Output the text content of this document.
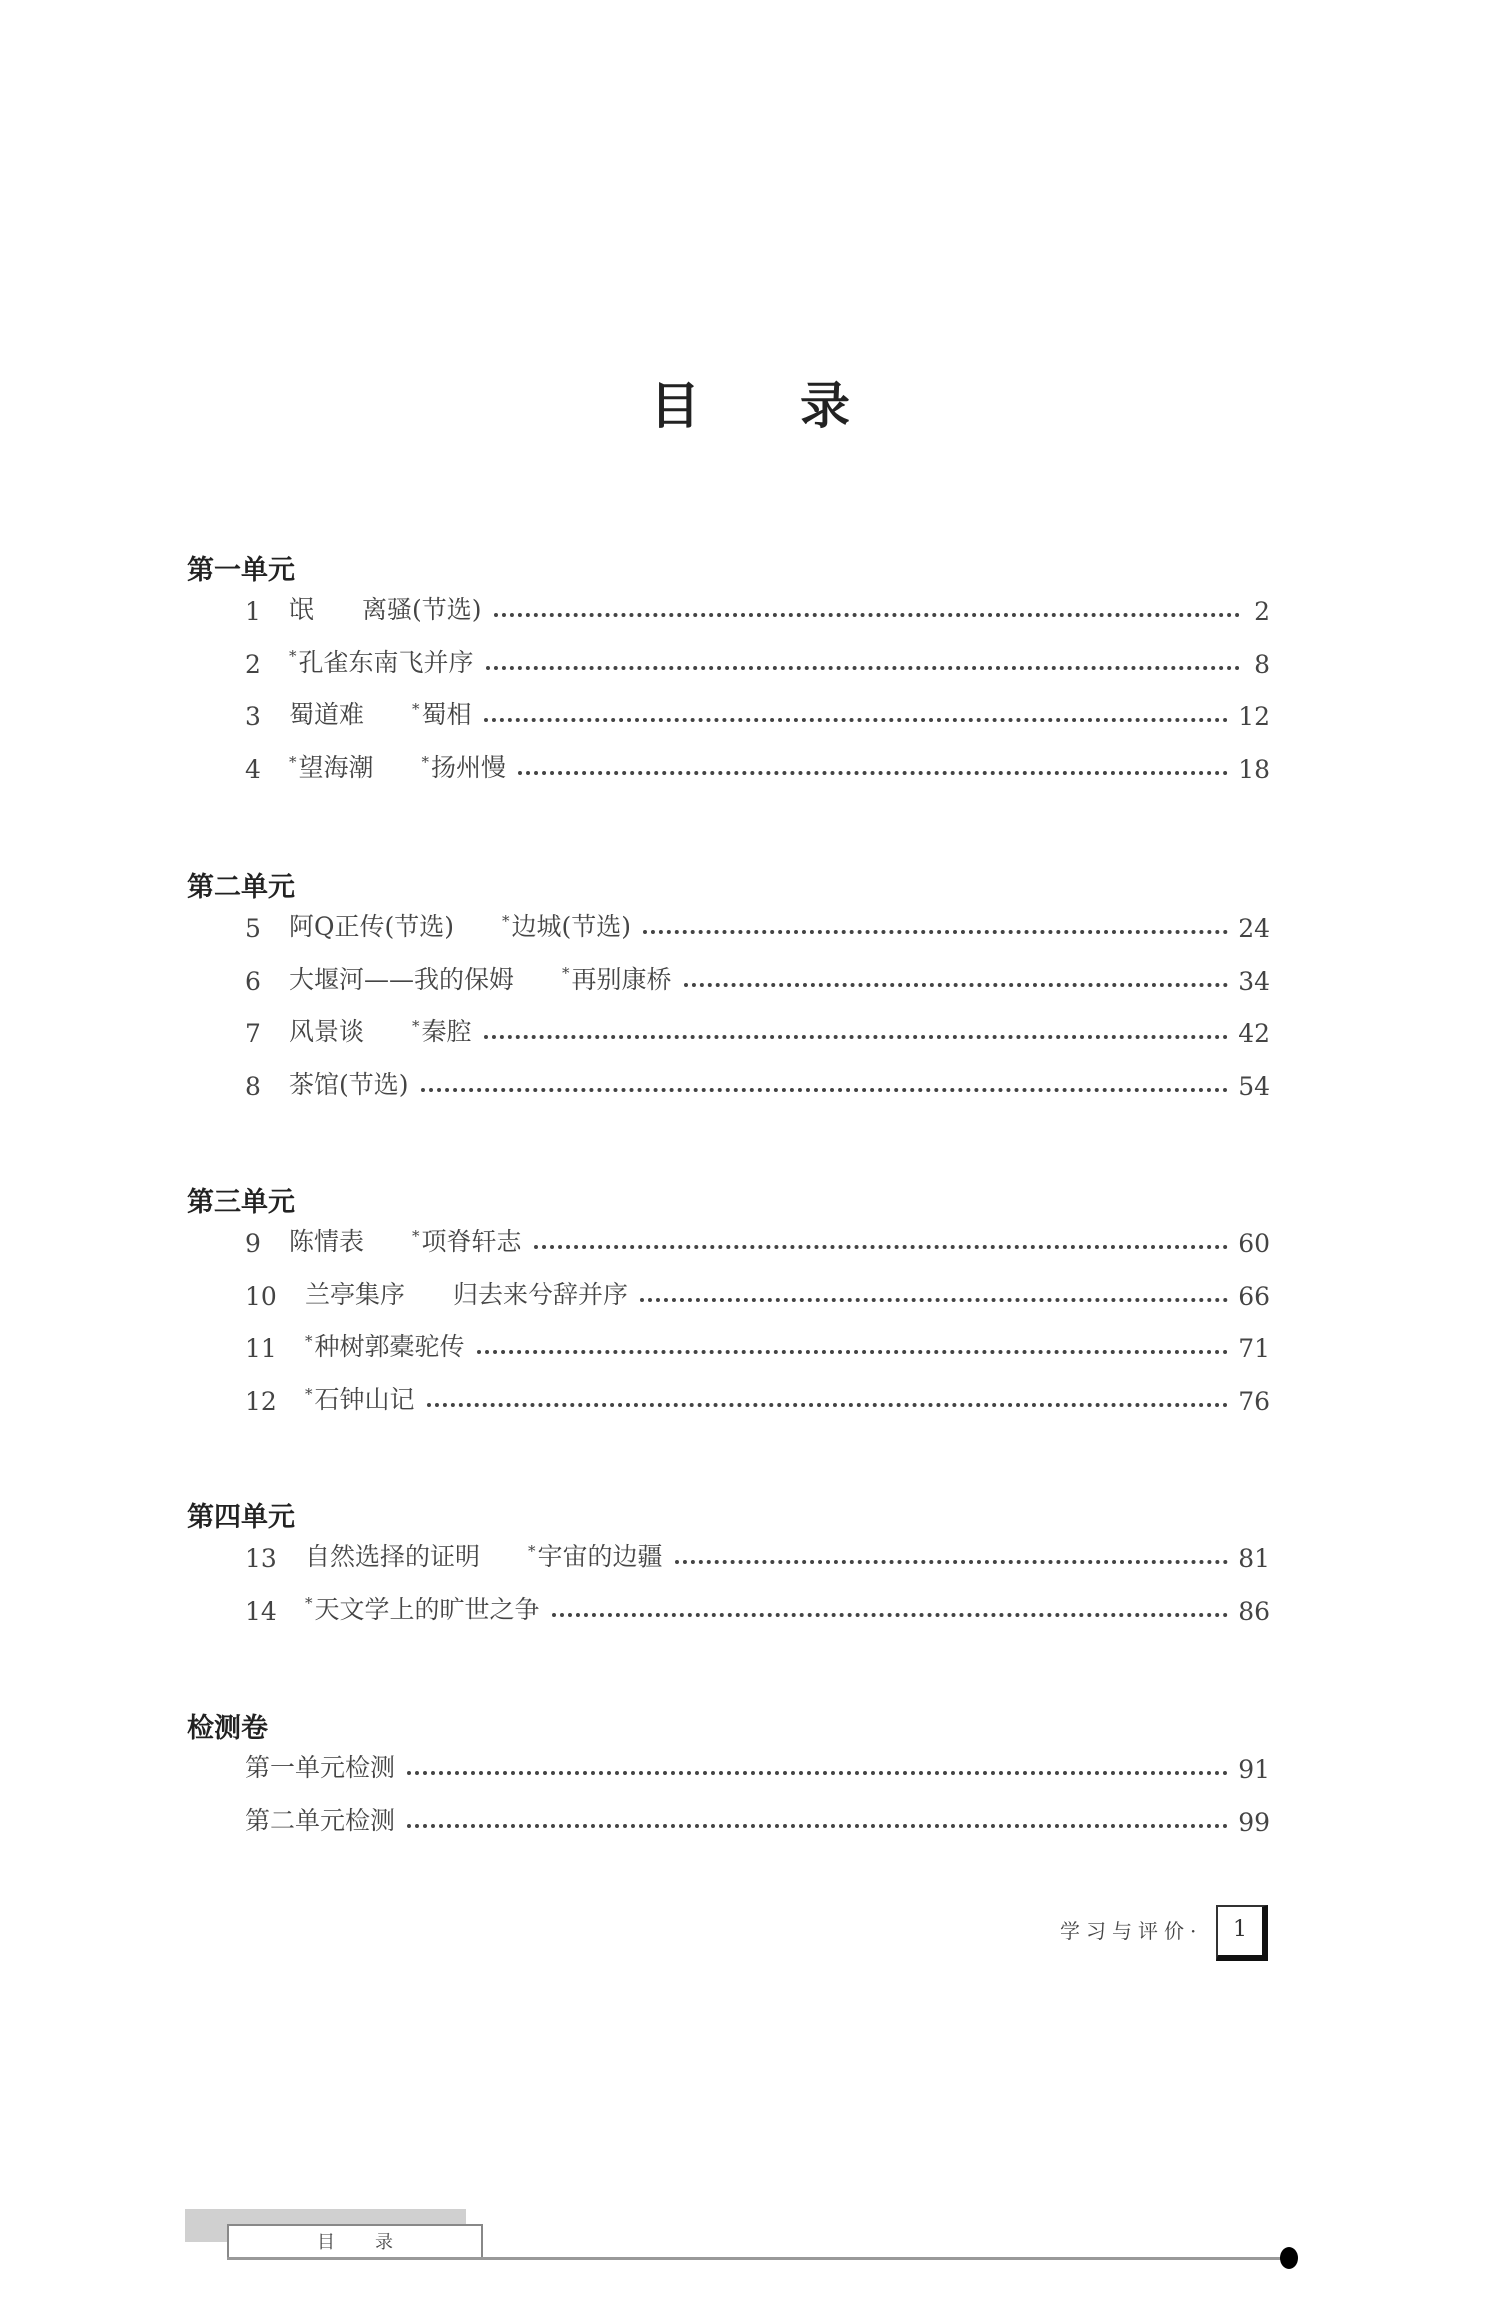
目录
第一单元
1	氓 离骚(节选)	2
2	*孔雀东南飞并序	8
3	蜀道难	*蜀相	12
4	*望海潮	*扬州慢	18
第二单元
5	阿Q正传(节选)	*边城(节选)	24
6	大堰河——我的保姆	*再别康桥	34
7	风景谈	*秦腔	42
8	茶馆(节选)	54
第三单元
9	陈情表	*项脊轩志	60
10	兰亭集序 归去来兮辞并序	66
11	*种树郭橐驼传	71
12	*石钟山记	76
第四单元
13	自然选择的证明	*宇宙的边疆	81
14	*天文学上的旷世之争	86
检测卷
第一单元检测	91
第二单元检测	99
学习与评价·	1
目录
